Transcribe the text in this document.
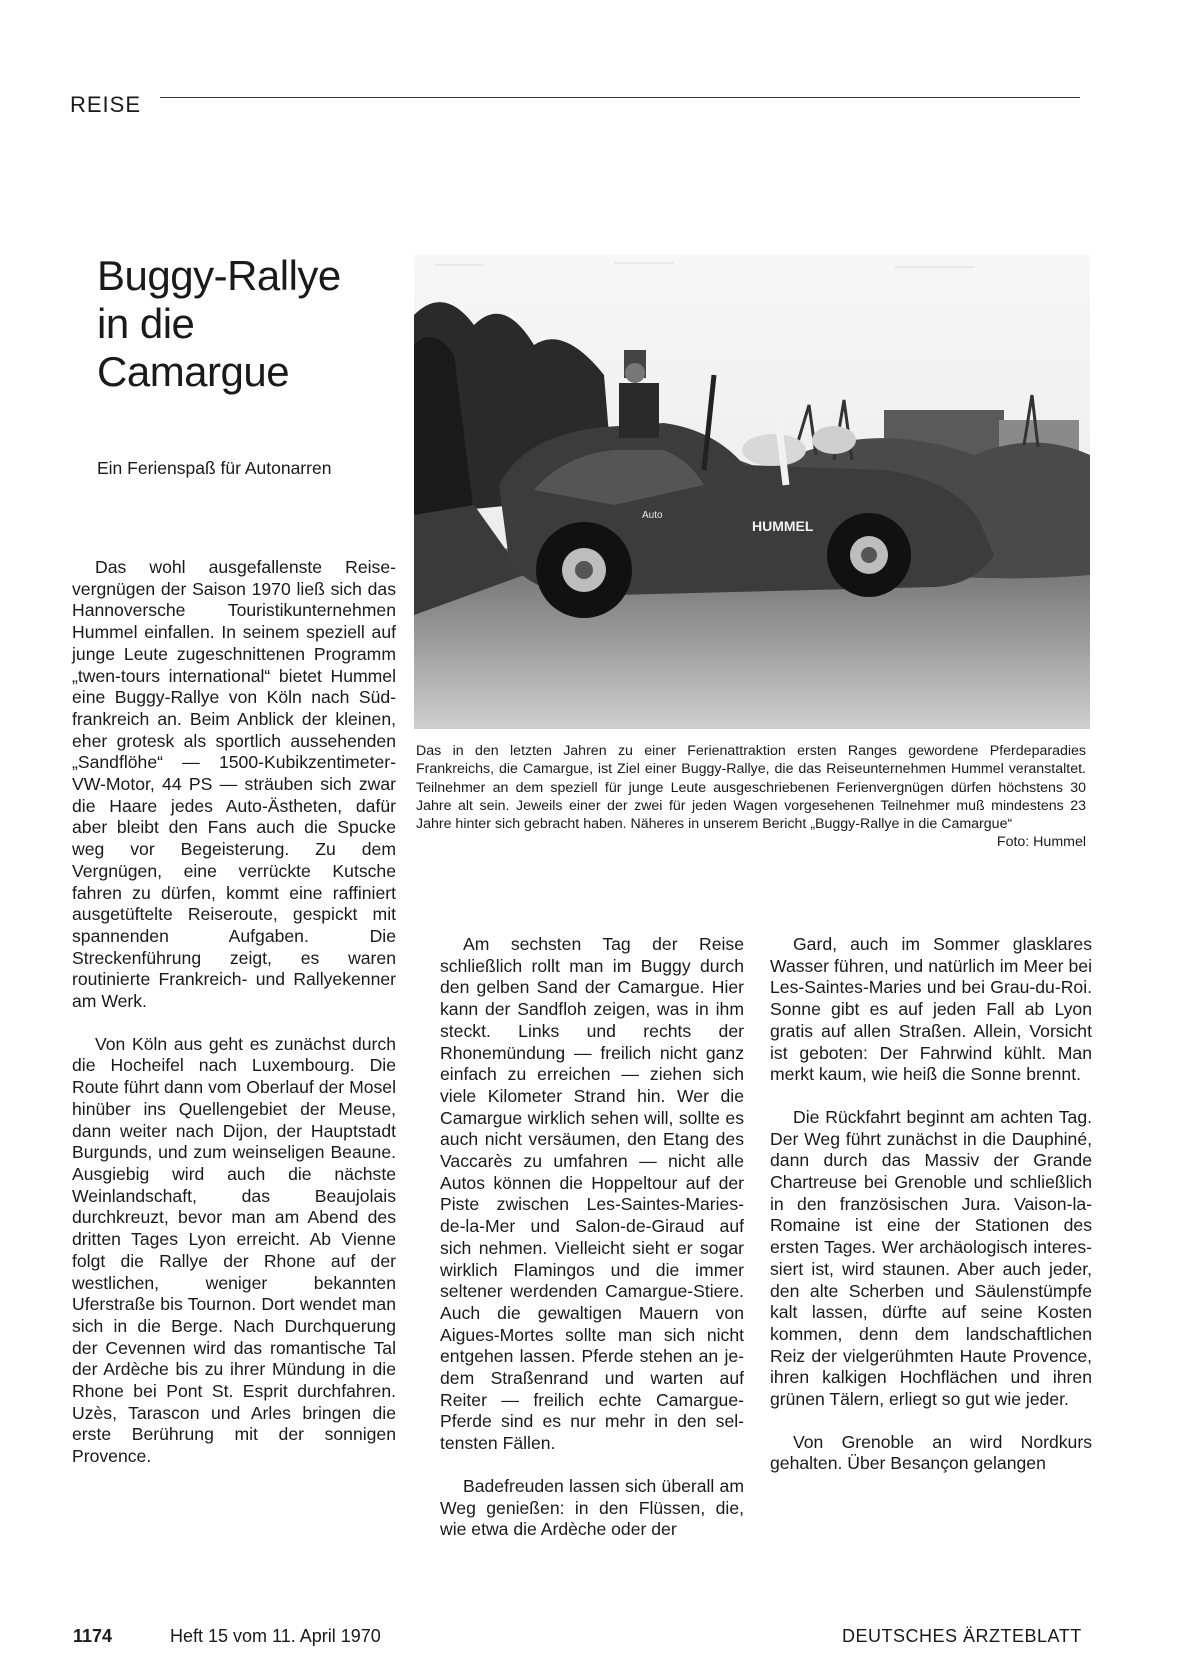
REISE
Buggy-Rallye
in die
Camargue
Ein Ferienspaß für Autonarren

Das wohl ausgefallenste Reisevergnügen der Saison 1970 ließ sich das Hannoversche Touristikunternehmen Hummel einfallen. In seinem speziell auf junge Leute zugeschnittenen Programm „twen-tours international“ bietet Hummel eine Buggy-Rallye von Köln nach Südfrankreich an. Beim Anblick der kleinen, eher grotesk als sportlich aussehenden „Sandflöhe“ — 1500-Kubikzentimeter-VW-Motor, 44 PS — sträuben sich zwar die Haare jedes Auto-Ästheten, dafür aber bleibt den Fans auch die Spucke weg vor Begeisterung. Zu dem Vergnügen, eine verrückte Kutsche fahren zu dürfen, kommt eine raffiniert ausgetüftelte Reiseroute, gespickt mit spannenden Aufgaben. Die Streckenführung zeigt, es waren routinierte Frankreich- und Rallyekenner am Werk.

Von Köln aus geht es zunächst durch die Hocheifel nach Luxembourg. Die Route führt dann vom Oberlauf der Mosel hinüber ins Quellengebiet der Meuse, dann weiter nach Dijon, der Hauptstadt Burgunds, und zum weinseligen Beaune. Ausgiebig wird auch die nächste Weinlandschaft, das Beaujolais durchkreuzt, bevor man am Abend des dritten Tages Lyon erreicht. Ab Vienne folgt die Rallye der Rhone auf der westlichen, weniger bekannten Uferstraße bis Tournon. Dort wendet man sich in die Berge. Nach Durchquerung der Cevennen wird das romantische Tal der Ardèche bis zu ihrer Mündung in die Rhone bei Pont St. Esprit durchfahren. Uzès, Tarascon und Arles bringen die erste Berührung mit der sonnigen Provence.

HUMMEL
Auto
Das in den letzten Jahren zu einer Ferienattraktion ersten Ranges gewordene Pferdeparadies Frankreichs, die Camargue, ist Ziel einer Buggy-Rallye, die das Reiseunternehmen Hummel veranstaltet. Teilnehmer an dem speziell für junge Leute ausgeschriebenen Ferienvergnügen dürfen höchstens 30 Jahre alt sein. Jeweils einer der zwei für jeden Wagen vorgesehenen Teilnehmer muß mindestens 23 Jahre hinter sich gebracht haben. Näheres in unserem Bericht „Buggy-Rallye in die Camargue“
Foto: Hummel

Am sechsten Tag der Reise schließlich rollt man im Buggy durch den gelben Sand der Camargue. Hier kann der Sandfloh zeigen, was in ihm steckt. Links und rechts der Rhonemündung — freilich nicht ganz einfach zu erreichen — ziehen sich viele Kilometer Strand hin. Wer die Camargue wirklich sehen will, sollte es auch nicht versäumen, den Etang des Vaccarès zu umfahren — nicht alle Autos können die Hoppeltour auf der Piste zwischen Les-Saintes-Maries-de-la-Mer und Salon-de-Giraud auf sich nehmen. Vielleicht sieht er sogar wirklich Flamingos und die immer seltener werdenden Camargue-Stiere. Auch die gewaltigen Mauern von Aigues-Mortes sollte man sich nicht entgehen lassen. Pferde stehen an jedem Straßenrand und warten auf Reiter — freilich echte Camargue-Pferde sind es nur mehr in den seltensten Fällen.

Badefreuden lassen sich überall am Weg genießen: in den Flüssen, die, wie etwa die Ardèche oder der

Gard, auch im Sommer glasklares Wasser führen, und natürlich im Meer bei Les-Saintes-Maries und bei Grau-du-Roi. Sonne gibt es auf jeden Fall ab Lyon gratis auf allen Straßen. Allein, Vorsicht ist geboten: Der Fahrwind kühlt. Man merkt kaum, wie heiß die Sonne brennt.

Die Rückfahrt beginnt am achten Tag. Der Weg führt zunächst in die Dauphiné, dann durch das Massiv der Grande Chartreuse bei Grenoble und schließlich in den französischen Jura. Vaison-la-Romaine ist eine der Stationen des ersten Tages. Wer archäologisch interessiert ist, wird staunen. Aber auch jeder, den alte Scherben und Säulenstümpfe kalt lassen, dürfte auf seine Kosten kommen, denn dem landschaftlichen Reiz der vielgerühmten Haute Provence, ihren kalkigen Hochflächen und ihren grünen Tälern, erliegt so gut wie jeder.

Von Grenoble an wird Nordkurs gehalten. Über Besançon gelangen

1174	Heft 15 vom 11. April 1970	DEUTSCHES ÄRZTEBLATT
